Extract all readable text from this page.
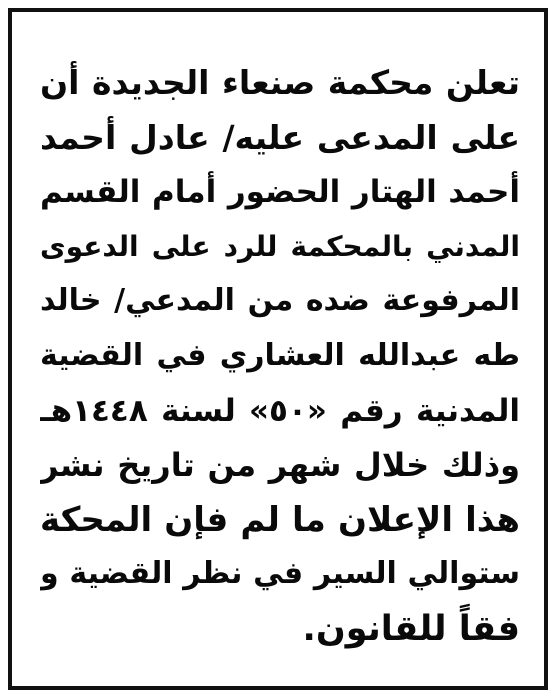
تعلن محكمة صنعاء الجديدة أن
على المدعى عليه/ عادل أحمد
أحمد الهتار الحضور أمام القسم
المدني بالمحكمة للرد على الدعوى
المرفوعة ضده من المدعي/ خالد
طه عبدالله العشاري في القضية
المدنية رقم «٥٠» لسنة ١٤٤٨هـ
وذلك خلال شهر من تاريخ نشر
هذا الإعلان ما لم فإن المحكة
ستوالي السير في نظر القضية و
فقاً للقانون.
